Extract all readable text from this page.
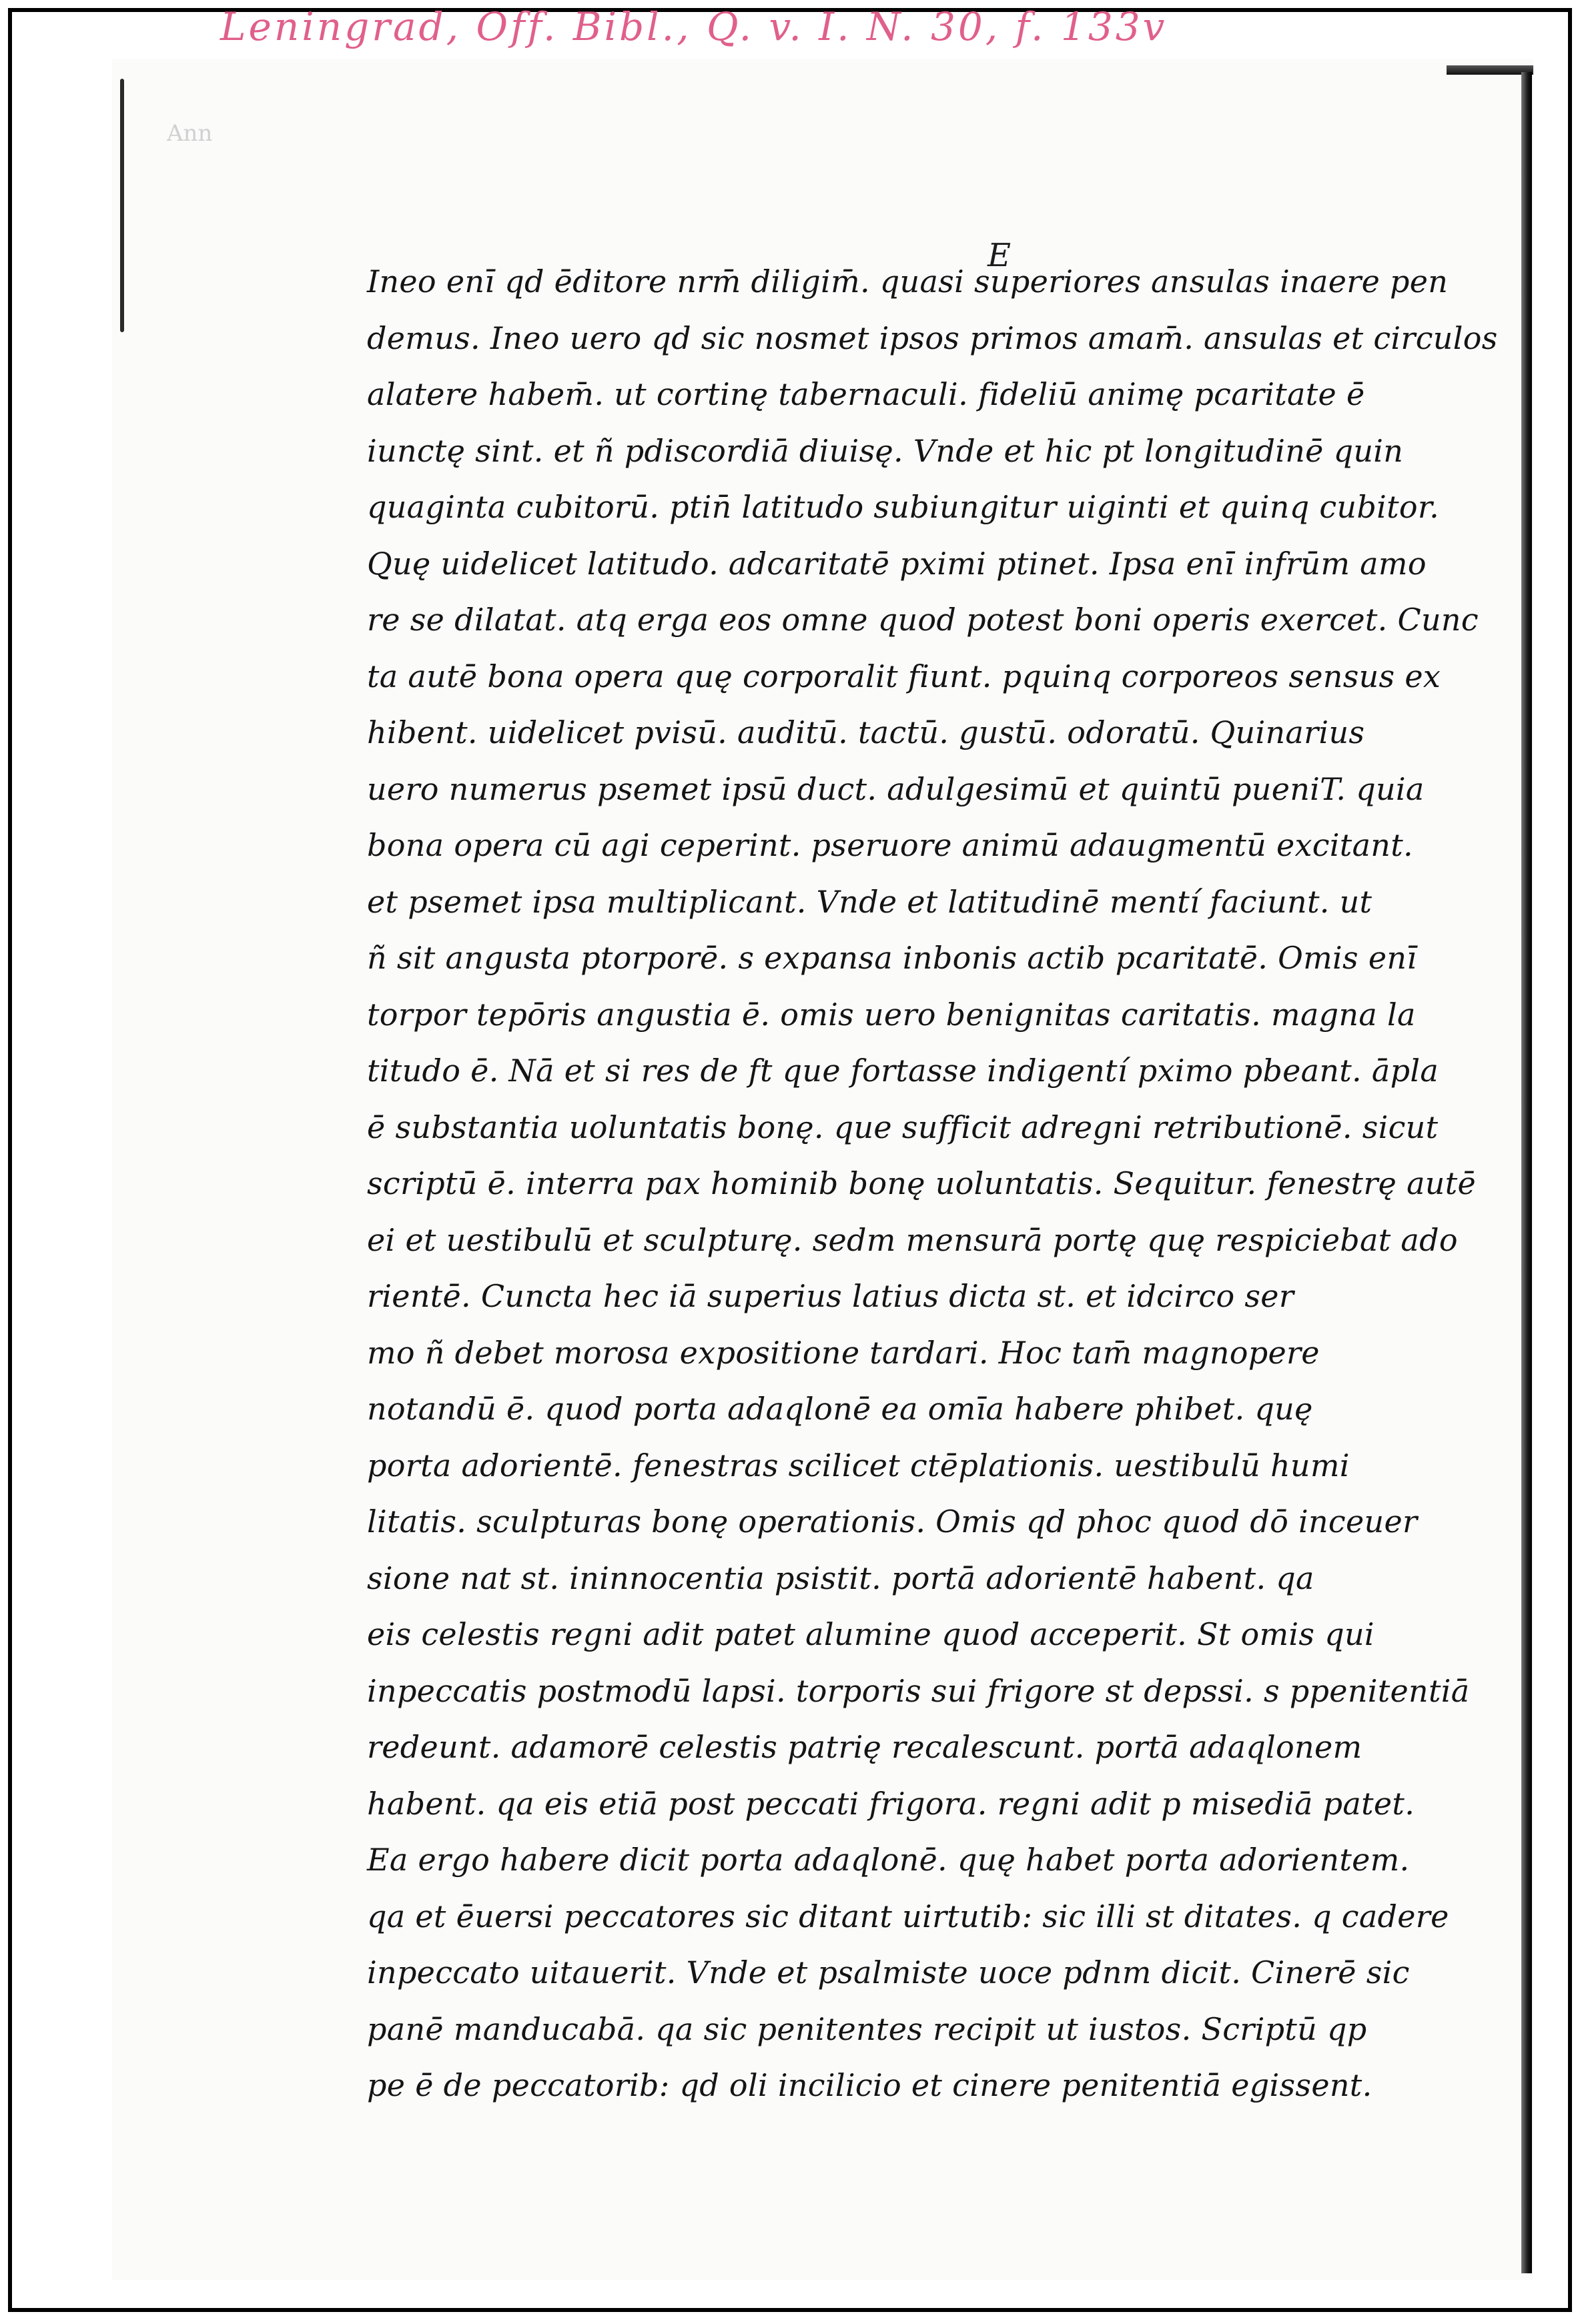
Leningrad, Off. Bibl., Q. v. I. N. 30, f. 133v
Ann
E
Ineo enī qd ēditore nrm̄ diligim̄. quasi superiores ansulas inaere pen
demus. Ineo uero qd sic nosmet ipsos primos amam̄. ansulas et circulos
alatere habem̄. ut cortinę tabernaculi. fideliū animę pcaritate ē
iunctę sint. et ñ pdiscordiā diuisę. Vnde et hic pt longitudinē quin
quaginta cubitorū. ptin̄ latitudo subiungitur uiginti et quinq cubitor.
Quę uidelicet latitudo. adcaritatē pximi ptinet. Ipsa enī infrūm amo
re se dilatat. atq erga eos omne quod potest boni operis exercet. Cunc
ta autē bona opera quę corporalit fiunt. pquinq corporeos sensus ex
hibent. uidelicet pvisū. auditū. tactū. gustū. odoratū. Quinarius
uero numerus psemet ipsū duct. adulgesimū et quintū pueniT. quia
bona opera cū agi ceperint. pseruore animū adaugmentū excitant.
et psemet ipsa multiplicant. Vnde et latitudinē mentí faciunt. ut
ñ sit angusta ptorporē. s expansa inbonis actib pcaritatē. Omis enī
torpor tepōris angustia ē. omis uero benignitas caritatis. magna la
titudo ē. Nā et si res de ft que fortasse indigentí pximo pbeant. āpla
ē substantia uoluntatis bonę. que sufficit adregni retributionē. sicut
scriptū ē. interra pax hominib bonę uoluntatis. Sequitur. fenestrę autē
ei et uestibulū et sculpturę. sedm mensurā portę quę respiciebat ado
rientē. Cuncta hec iā superius latius dicta st. et idcirco ser
mo ñ debet morosa expositione tardari. Hoc tam̄ magnopere
notandū ē. quod porta adaqlonē ea omīa habere phibet. quę
porta adorientē. fenestras scilicet ctēplationis. uestibulū humi
litatis. sculpturas bonę operationis. Omis qd phoc quod dō inceuer
sione nat st. ininnocentia psistit. portā adorientē habent. qa
eis celestis regni adit patet alumine quod acceperit. St omis qui
inpeccatis postmodū lapsi. torporis sui frigore st depssi. s ppenitentiā
redeunt. adamorē celestis patrię recalescunt. portā adaqlonem
habent. qa eis etiā post peccati frigora. regni adit p misediā patet.
Ea ergo habere dicit porta adaqlonē. quę habet porta adorientem.
qa et ēuersi peccatores sic ditant uirtutib: sic illi st ditates. q cadere
inpeccato uitauerit. Vnde et psalmiste uoce pdnm dicit. Cinerē sic
panē manducabā. qa sic penitentes recipit ut iustos. Scriptū qp
pe ē de peccatorib: qd oli incilicio et cinere penitentiā egissent.
